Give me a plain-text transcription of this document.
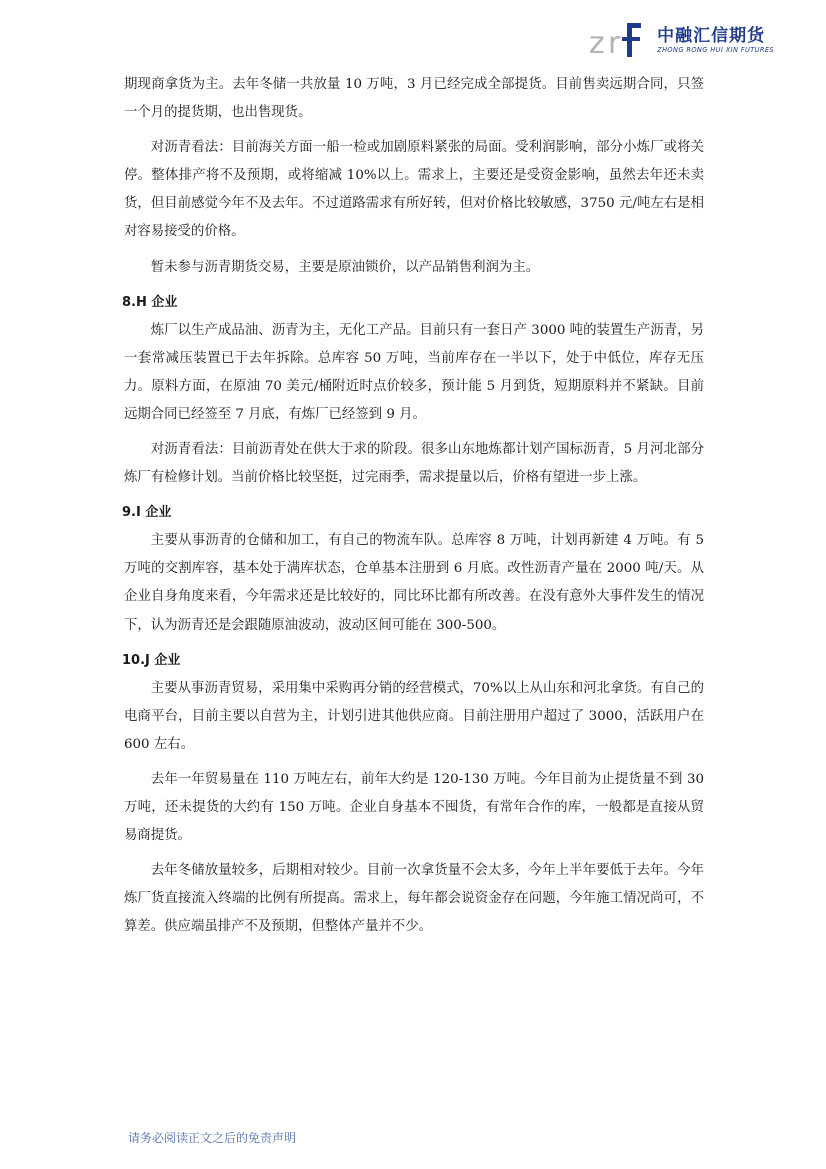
z r 中融汇信期货
ZHONG RONG HUI XIN FUTURES

期现商拿货为主。去年冬储一共放量 10 万吨，3 月已经完成全部提货。目前售卖远期合同，只签一个月的提货期，也出售现货。

对沥青看法：目前海关方面一船一检或加剧原料紧张的局面。受利润影响，部分小炼厂或将关停。整体排产将不及预期，或将缩减 10%以上。需求上，主要还是受资金影响，虽然去年还未卖货，但目前感觉今年不及去年。不过道路需求有所好转，但对价格比较敏感，3750 元/吨左右是相对容易接受的价格。

暂未参与沥青期货交易，主要是原油锁价，以产品销售利润为主。

8.H 企业

炼厂以生产成品油、沥青为主，无化工产品。目前只有一套日产 3000 吨的装置生产沥青，另一套常减压装置已于去年拆除。总库容 50 万吨，当前库存在一半以下，处于中低位，库存无压力。原料方面，在原油 70 美元/桶附近时点价较多，预计能 5 月到货，短期原料并不紧缺。目前远期合同已经签至 7 月底，有炼厂已经签到 9 月。

对沥青看法：目前沥青处在供大于求的阶段。很多山东地炼都计划产国标沥青，5 月河北部分炼厂有检修计划。当前价格比较坚挺，过完雨季，需求提量以后，价格有望进一步上涨。

9.I 企业

主要从事沥青的仓储和加工，有自己的物流车队。总库容 8 万吨，计划再新建 4 万吨。有 5 万吨的交割库容，基本处于满库状态，仓单基本注册到 6 月底。改性沥青产量在 2000 吨/天。从企业自身角度来看，今年需求还是比较好的，同比环比都有所改善。在没有意外大事件发生的情况下，认为沥青还是会跟随原油波动，波动区间可能在 300-500。

10.J 企业

主要从事沥青贸易，采用集中采购再分销的经营模式，70%以上从山东和河北拿货。有自己的电商平台，目前主要以自营为主，计划引进其他供应商。目前注册用户超过了 3000，活跃用户在 600 左右。

去年一年贸易量在 110 万吨左右，前年大约是 120-130 万吨。今年目前为止提货量不到 30 万吨，还未提货的大约有 150 万吨。企业自身基本不囤货，有常年合作的库，一般都是直接从贸易商提货。

去年冬储放量较多，后期相对较少。目前一次拿货量不会太多，今年上半年要低于去年。今年炼厂货直接流入终端的比例有所提高。需求上，每年都会说资金存在问题，今年施工情况尚可，不算差。供应端虽排产不及预期，但整体产量并不少。

请务必阅读正文之后的免责声明
